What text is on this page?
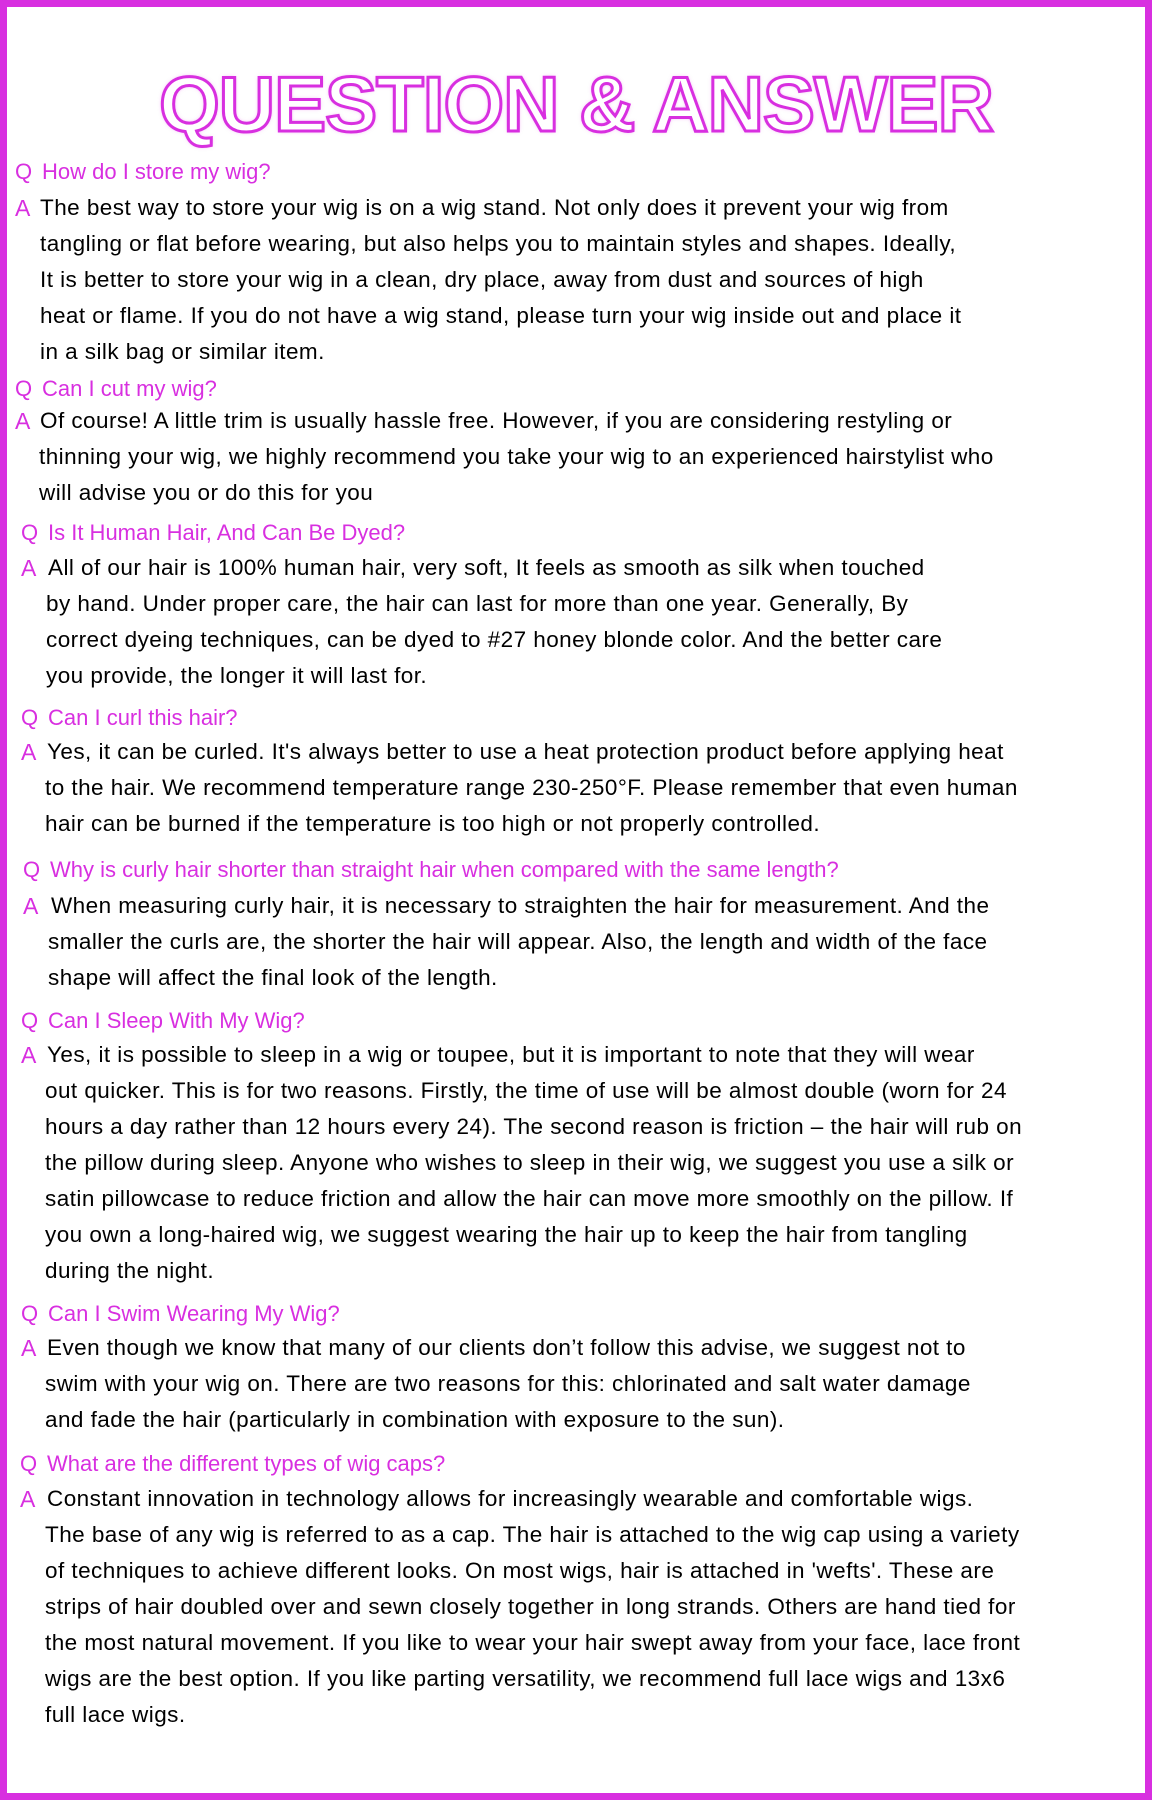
QUESTION & ANSWER
Q How do I store my wig?
A The best way to store your wig is on a wig stand. Not only does it prevent your wig from
tangling or flat before wearing, but also helps you to maintain styles and shapes. Ideally,
It is better to store your wig in a clean, dry place, away from dust and sources of high
heat or flame. If you do not have a wig stand, please turn your wig inside out and place it
in a silk bag or similar item.
Q Can I cut my wig?
A Of course! A little trim is usually hassle free. However, if you are considering restyling or
thinning your wig, we highly recommend you take your wig to an experienced hairstylist who
will advise you or do this for you
Q Is It Human Hair, And Can Be Dyed?
A All of our hair is 100% human hair, very soft, It feels as smooth as silk when touched
by hand. Under proper care, the hair can last for more than one year. Generally, By
correct dyeing techniques, can be dyed to #27 honey blonde color. And the better care
you provide, the longer it will last for.
Q Can I curl this hair?
A Yes, it can be curled. It's always better to use a heat protection product before applying heat
to the hair. We recommend temperature range 230-250°F. Please remember that even human
hair can be burned if the temperature is too high or not properly controlled.
Q Why is curly hair shorter than straight hair when compared with the same length?
A When measuring curly hair, it is necessary to straighten the hair for measurement. And the
smaller the curls are, the shorter the hair will appear. Also, the length and width of the face
shape will affect the final look of the length.
Q Can I Sleep With My Wig?
A Yes, it is possible to sleep in a wig or toupee, but it is important to note that they will wear
out quicker. This is for two reasons. Firstly, the time of use will be almost double (worn for 24
hours a day rather than 12 hours every 24). The second reason is friction – the hair will rub on
the pillow during sleep. Anyone who wishes to sleep in their wig, we suggest you use a silk or
satin pillowcase to reduce friction and allow the hair can move more smoothly on the pillow. If
you own a long-haired wig, we suggest wearing the hair up to keep the hair from tangling
during the night.
Q Can I Swim Wearing My Wig?
A Even though we know that many of our clients don’t follow this advise, we suggest not to
swim with your wig on. There are two reasons for this: chlorinated and salt water damage
and fade the hair (particularly in combination with exposure to the sun).
Q What are the different types of wig caps?
A Constant innovation in technology allows for increasingly wearable and comfortable wigs.
The base of any wig is referred to as a cap. The hair is attached to the wig cap using a variety
of techniques to achieve different looks. On most wigs, hair is attached in 'wefts'. These are
strips of hair doubled over and sewn closely together in long strands. Others are hand tied for
the most natural movement. If you like to wear your hair swept away from your face, lace front
wigs are the best option. If you like parting versatility, we recommend full lace wigs and 13x6
full lace wigs.
